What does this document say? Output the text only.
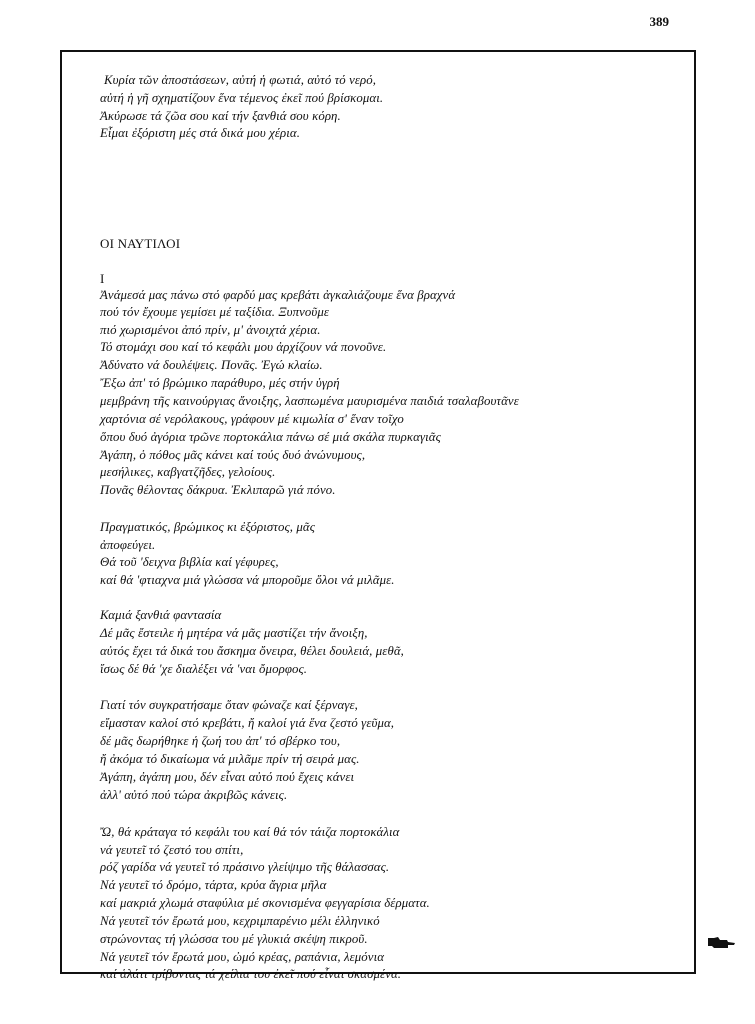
389
Κυρία τῶν ἀποστάσεων, αὐτή ἡ φωτιά, αὐτό τό νερό,
αὐτή ἡ γῆ σχηματίζουν ἕνα τέμενος ἐκεῖ πού βρίσκομαι.
Ἀκύρωσε τά ζῶα σου καί τήν ξανθιά σου κόρη.
Εἶμαι ἐξόριστη μές στά δικά μου χέρια.
ΟΙ ΝΑΥΤΙΛΟΙ
Ι
Ἀνάμεσά μας πάνω στό φαρδύ μας κρεβάτι ἀγκαλιάζουμε ἕνα βραχνά
πού τόν ἔχουμε γεμίσει μέ ταξίδια. Ξυπνοῦμε
πιό χωρισμένοι ἀπό πρίν, μ' ἀνοιχτά χέρια.
Τό στομάχι σου καί τό κεφάλι μου ἀρχίζουν νά πονοῦνε.
Ἀδύνατο νά δουλέψεις. Πονᾶς. Ἐγώ κλαίω.
Ἔξω ἀπ' τό βρώμικο παράθυρο, μές στήν ὑγρή
μεμβράνη τῆς καινούργιας ἄνοιξης, λασπωμένα μαυρισμένα παιδιά τσαλαβουτᾶνε
χαρτόνια σέ νερόλακους, γράφουν μέ κιμωλία σ' ἕναν τοῖχο
ὅπου δυό ἀγόρια τρῶνε πορτοκάλια πάνω σέ μιά σκάλα πυρκαγιᾶς
Ἀγάπη, ὁ πόθος μᾶς κάνει καί τούς δυό ἀνώνυμους,
μεσήλικες, καβγατζῆδες, γελοίους.
Πονᾶς θέλοντας δάκρυα. Ἐκλιπαρῶ γιά πόνο.
Πραγματικός, βρώμικος κι ἐξόριστος, μᾶς
ἀποφεύγει.
Θά τοῦ 'δειχνα βιβλία καί γέφυρες,
καί θά 'φτιαχνα μιά γλώσσα νά μποροῦμε ὅλοι νά μιλᾶμε.
Καμιά ξανθιά φαντασία
Δέ μᾶς ἔστειλε ἡ μητέρα νά μᾶς μαστίζει τήν ἄνοιξη,
αὐτός ἔχει τά δικά του ἄσκημα ὄνειρα, θέλει δουλειά, μεθᾶ,
ἴσως δέ θά 'χε διαλέξει νά 'ναι ὄμορφος.
Γιατί τόν συγκρατήσαμε ὅταν φώναζε καί ξέρναγε,
εἴμασταν καλοί στό κρεβάτι, ἤ καλοί γιά ἕνα ζεστό γεῦμα,
δέ μᾶς δωρήθηκε ἡ ζωή του ἀπ' τό σβέρκο του,
ἤ ἀκόμα τό δικαίωμα νά μιλᾶμε πρίν τή σειρά μας.
Ἀγάπη, ἀγάπη μου, δέν εἶναι αὐτό πού ἔχεις κάνει
ἀλλ' αὐτό πού τώρα ἀκριβῶς κάνεις.
Ὤ, θά κράταγα τό κεφάλι του καί θά τόν τάιζα πορτοκάλια
νά γευτεῖ τό ζεστό του σπίτι,
ρόζ γαρίδα νά γευτεῖ τό πράσινο γλείψιμο τῆς θάλασσας.
Νά γευτεῖ τό δρόμο, τάρτα, κρύα ἄγρια μῆλα
καί μακριά χλωμά σταφύλια μέ σκονισμένα φεγγαρίσια δέρματα.
Νά γευτεῖ τόν ἔρωτά μου, κεχριμπαρένιο μέλι ἑλληνικό
στρώνοντας τή γλώσσα του μέ γλυκιά σκέψη πικροῦ.
Νά γευτεῖ τόν ἔρωτά μου, ὠμό κρέας, ραπάνια, λεμόνια
καί ἁλάτι τρίβοντας τά χείλια του ἐκεῖ πού εἶναι σκασμένα.
